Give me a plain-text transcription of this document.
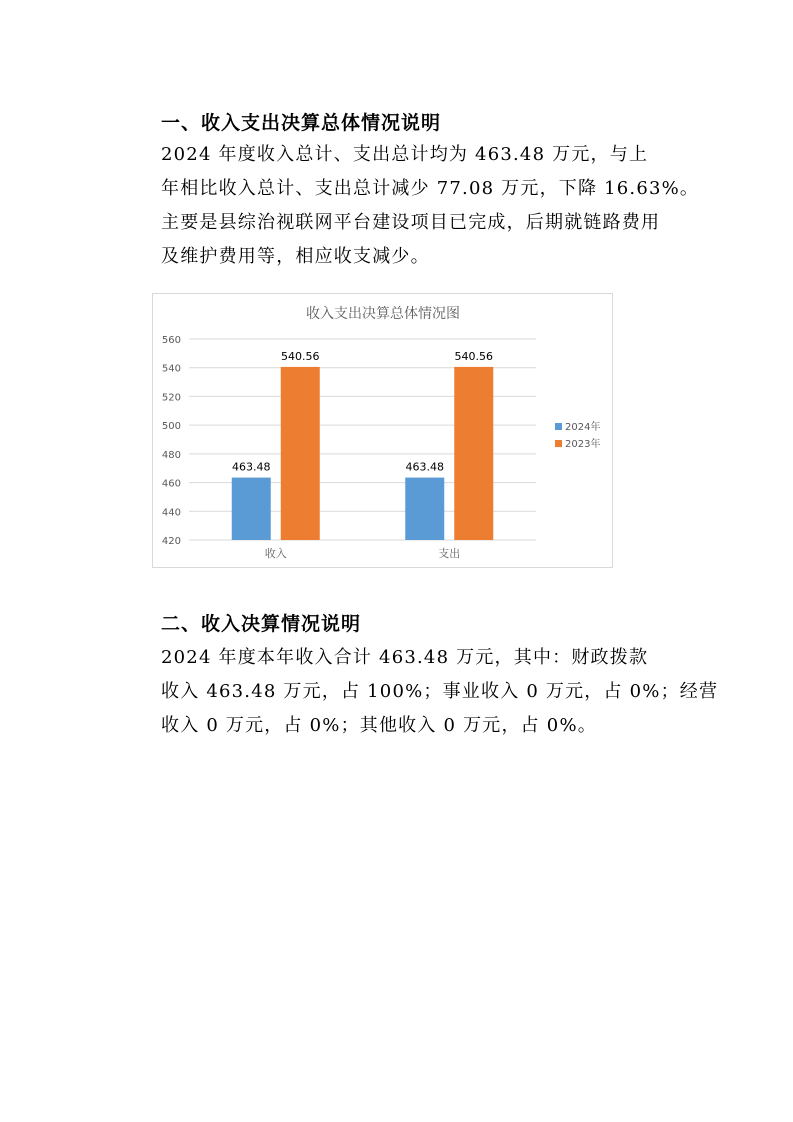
一、收入支出决算总体情况说明

2024 年度收入总计、支出总计均为 463.48 万元，与上
年相比收入总计、支出总计减少 77.08 万元，下降 16.63%。
主要是县综治视联网平台建设项目已完成，后期就链路费用
及维护费用等，相应收支减少。

收入支出决算总体情况图
420
440
460
480
500
520
540
560
463.48
540.56
收入
463.48
540.56
支出
2024年
2023年
二、收入决算情况说明

2024 年度本年收入合计 463.48 万元，其中：财政拨款
收入 463.48 万元，占 100%；事业收入 0 万元，占 0%；经营
收入 0 万元，占 0%；其他收入 0 万元，占 0%。
